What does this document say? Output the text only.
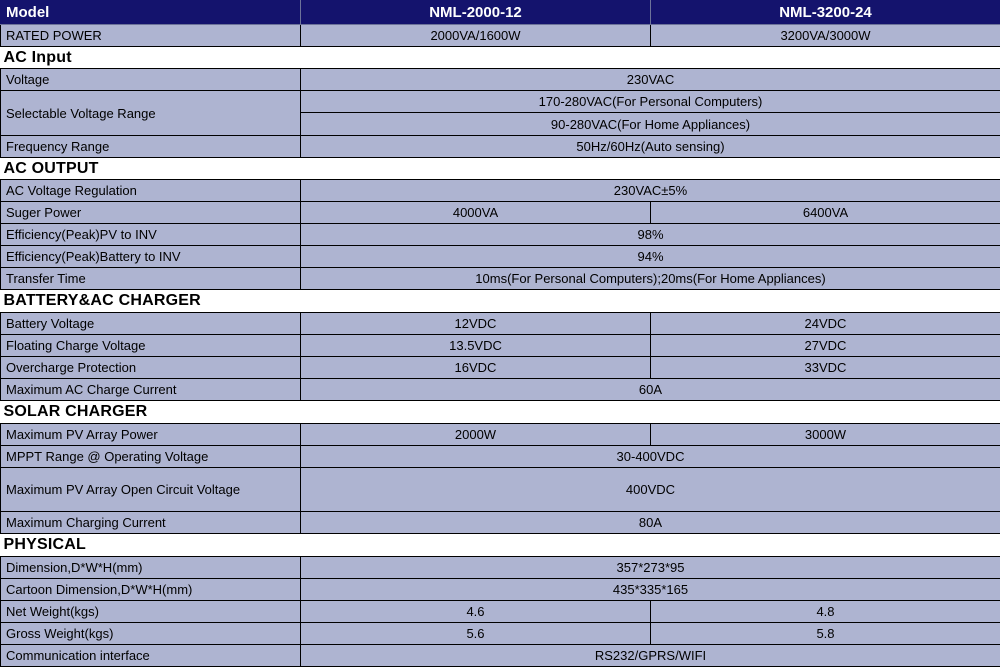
Model	NML-2000-12	NML-3200-24
RATED POWER	2000VA/1600W	3200VA/3000W
AC Input		
Voltage	230VAC	
Selectable Voltage Range	170-280VAC(For Personal Computers)	
	90-280VAC(For Home Appliances)	
Frequency Range	50Hz/60Hz(Auto sensing)	
AC OUTPUT		
AC Voltage Regulation	230VAC±5%	
Suger Power	4000VA	6400VA
Efficiency(Peak)PV to INV	98%	
Efficiency(Peak)Battery to INV	94%	
Transfer Time	10ms(For Personal Computers);20ms(For Home Appliances)	
BATTERY&AC CHARGER		
Battery Voltage	12VDC	24VDC
Floating Charge Voltage	13.5VDC	27VDC
Overcharge Protection	16VDC	33VDC
Maximum AC Charge Current	60A	
SOLAR CHARGER		
Maximum PV Array Power	2000W	3000W
MPPT Range @ Operating Voltage	30-400VDC	
Maximum PV Array Open Circuit Voltage	400VDC	
Maximum Charging Current	80A	
PHYSICAL		
Dimension,D*W*H(mm)	357*273*95	
Cartoon Dimension,D*W*H(mm)	435*335*165	
Net Weight(kgs)	4.6	4.8
Gross Weight(kgs)	5.6	5.8
Communication interface	RS232/GPRS/WIFI	
